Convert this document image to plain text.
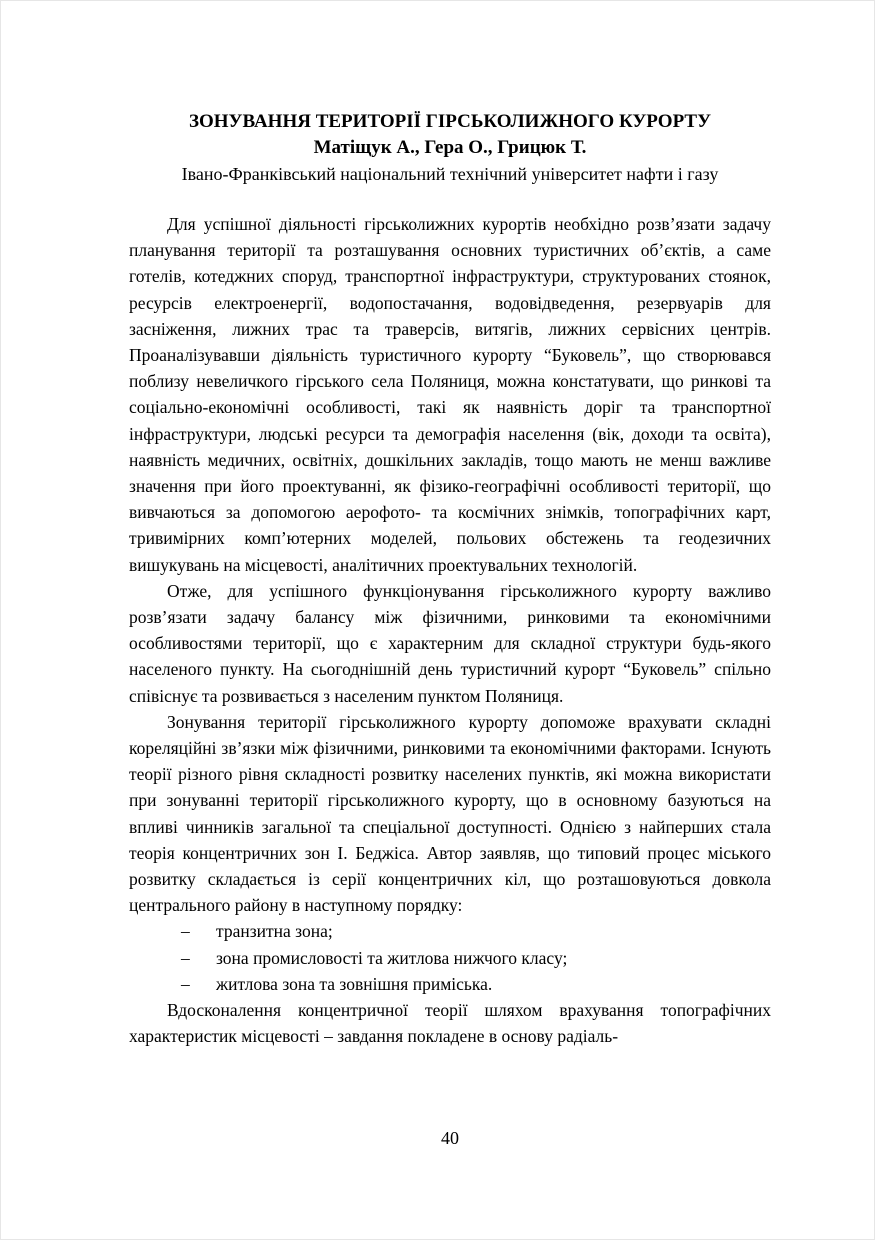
ЗОНУВАННЯ ТЕРИТОРІЇ ГІРСЬКОЛИЖНОГО КУРОРТУ
Матіщук А., Гера О., Грицюк Т.
Івано-Франківський національний технічний університет нафти і газу

Для успішної діяльності гірськолижних курортів необхідно розв’язати задачу планування території та розташування основних туристичних об’єктів, а саме готелів, котеджних споруд, транспортної інфраструктури, структурованих стоянок, ресурсів електроенергії, водопостачання, водовідведення, резервуарів для засніження, лижних трас та траверсів, витягів, лижних сервісних центрів. Проаналізувавши діяльність туристичного курорту “Буковель”, що створювався поблизу невеличкого гірського села Поляниця, можна констатувати, що ринкові та соціально-економічні особливості, такі як наявність доріг та транспортної інфраструктури, людські ресурси та демографія населення (вік, доходи та освіта), наявність медичних, освітніх, дошкільних закладів, тощо мають не менш важливе значення при його проектуванні, як фізико-географічні особливості території, що вивчаються за допомогою аерофото- та космічних знімків, топографічних карт, тривимірних комп’ютерних моделей, польових обстежень та геодезичних вишукувань на місцевості, аналітичних проектувальних технологій.

Отже, для успішного функціонування гірськолижного курорту важливо розв’язати задачу балансу між фізичними, ринковими та економічними особливостями території, що є характерним для складної структури будь-якого населеного пункту. На сьогоднішній день туристичний курорт “Буковель” спільно співіснує та розвивається з населеним пунктом Поляниця.

Зонування території гірськолижного курорту допоможе врахувати складні кореляційні зв’язки між фізичними, ринковими та економічними факторами. Існують теорії різного рівня складності розвитку населених пунктів, які можна використати при зонуванні території гірськолижного курорту, що в основному базуються на впливі чинників загальної та спеціальної доступності. Однією з найперших стала теорія концентричних зон І. Беджіса. Автор заявляв, що типовий процес міського розвитку складається із серії концентричних кіл, що розташовуються довкола центрального району в наступному порядку:

– транзитна зона;
– зона промисловості та житлова нижчого класу;
– житлова зона та зовнішня приміська.

Вдосконалення концентричної теорії шляхом врахування топографічних характеристик місцевості – завдання покладене в основу радіаль-

40
